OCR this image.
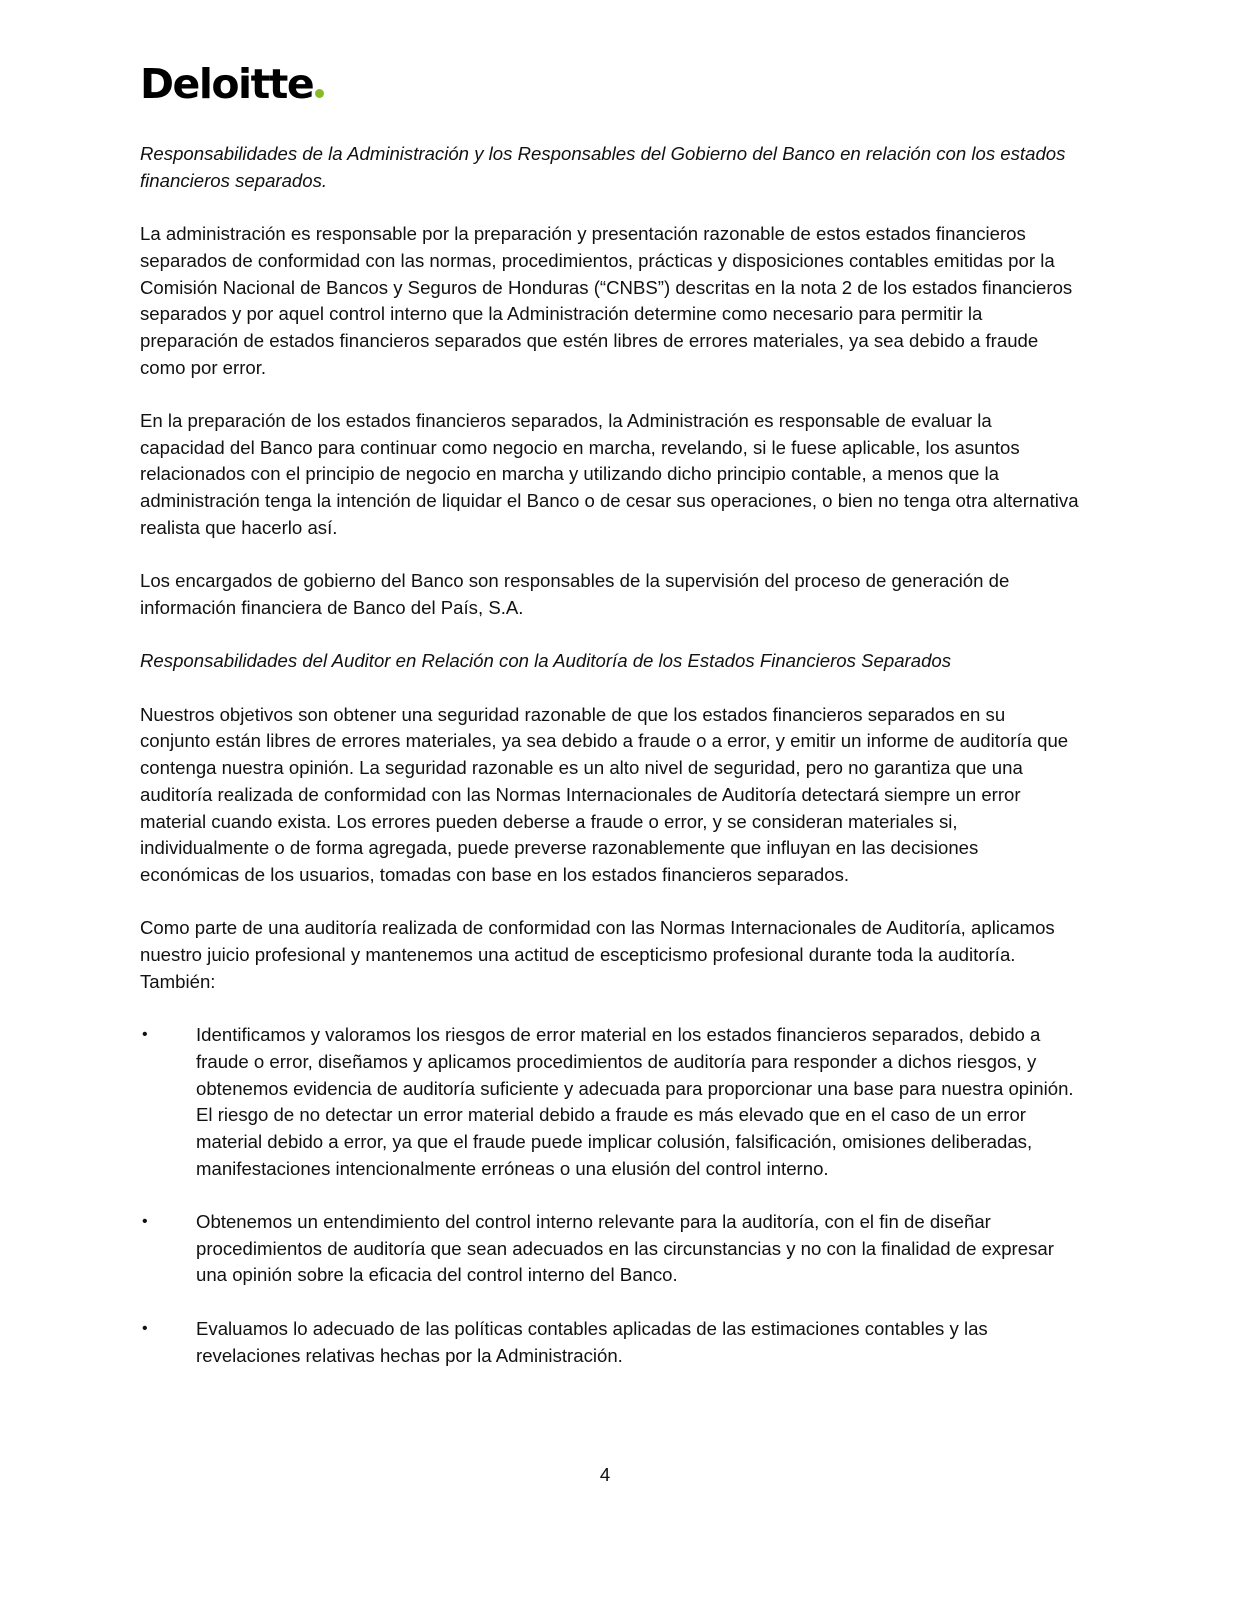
Deloitte

Responsabilidades de la Administración y los Responsables del Gobierno del Banco en relación con los estados financieros separados.

La administración es responsable por la preparación y presentación razonable de estos estados financieros separados de conformidad con las normas, procedimientos, prácticas y disposiciones contables emitidas por la Comisión Nacional de Bancos y Seguros de Honduras (“CNBS”) descritas en la nota 2 de los estados financieros separados y por aquel control interno que la Administración determine como necesario para permitir la preparación de estados financieros separados que estén libres de errores materiales, ya sea debido a fraude como por error.

En la preparación de los estados financieros separados, la Administración es responsable de evaluar la capacidad del Banco para continuar como negocio en marcha, revelando, si le fuese aplicable, los asuntos relacionados con el principio de negocio en marcha y utilizando dicho principio contable, a menos que la administración tenga la intención de liquidar el Banco o de cesar sus operaciones, o bien no tenga otra alternativa realista que hacerlo así.

Los encargados de gobierno del Banco son responsables de la supervisión del proceso de generación de información financiera de Banco del País, S.A.

Responsabilidades del Auditor en Relación con la Auditoría de los Estados Financieros Separados

Nuestros objetivos son obtener una seguridad razonable de que los estados financieros separados en su conjunto están libres de errores materiales, ya sea debido a fraude o a error, y emitir un informe de auditoría que contenga nuestra opinión. La seguridad razonable es un alto nivel de seguridad, pero no garantiza que una auditoría realizada de conformidad con las Normas Internacionales de Auditoría detectará siempre un error material cuando exista. Los errores pueden deberse a fraude o error, y se consideran materiales si, individualmente o de forma agregada, puede preverse razonablemente que influyan en las decisiones económicas de los usuarios, tomadas con base en los estados financieros separados.

Como parte de una auditoría realizada de conformidad con las Normas Internacionales de Auditoría, aplicamos nuestro juicio profesional y mantenemos una actitud de escepticismo profesional durante toda la auditoría. También:

•	Identificamos y valoramos los riesgos de error material en los estados financieros separados, debido a fraude o error, diseñamos y aplicamos procedimientos de auditoría para responder a dichos riesgos, y obtenemos evidencia de auditoría suficiente y adecuada para proporcionar una base para nuestra opinión. El riesgo de no detectar un error material debido a fraude es más elevado que en el caso de un error material debido a error, ya que el fraude puede implicar colusión, falsificación, omisiones deliberadas, manifestaciones intencionalmente erróneas o una elusión del control interno.
•	Obtenemos un entendimiento del control interno relevante para la auditoría, con el fin de diseñar procedimientos de auditoría que sean adecuados en las circunstancias y no con la finalidad de expresar una opinión sobre la eficacia del control interno del Banco.
•	Evaluamos lo adecuado de las políticas contables aplicadas de las estimaciones contables y las revelaciones relativas hechas por la Administración.
4
